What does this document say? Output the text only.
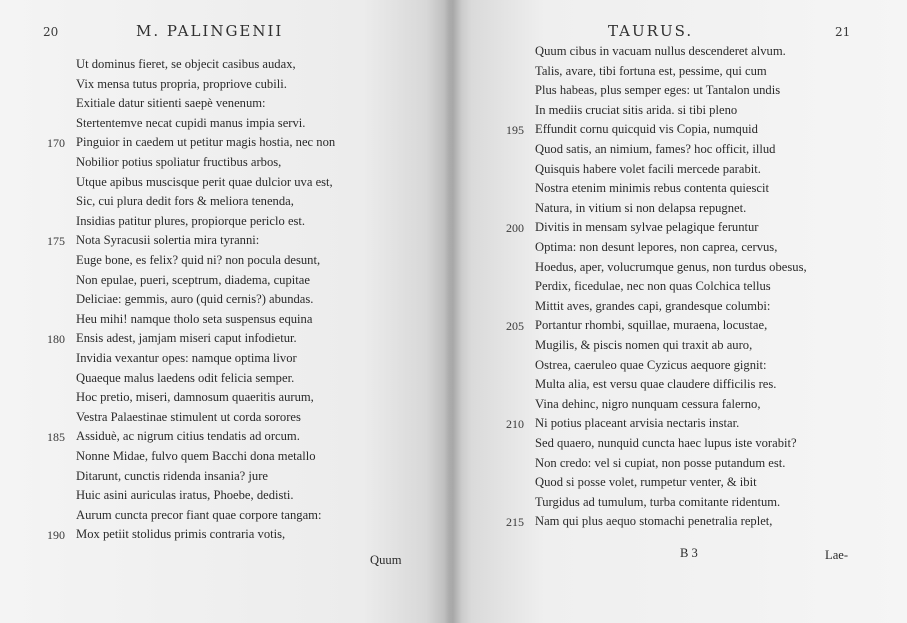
20	M. PALINGENII
Ut dominus fieret, se objecit casibus audax,
Vix mensa tutus propria, propriove cubili.
Exitiale datur sitienti saepè venenum:
Stertentemve necat cupidi manus impia servi.
Pinguior in caedem ut petitur magis hostia, nec non
170
Nobilior potius spoliatur fructibus arbos,
Utque apibus muscisque perit quae dulcior uva est,
Sic, cui plura dedit fors & meliora tenenda,
Insidias patitur plures, propiorque periclo est.
Nota Syracusii solertia mira tyranni:
175
Euge bone, es felix? quid ni? non pocula desunt,
Non epulae, pueri, sceptrum, diadema, cupitae
Deliciae: gemmis, auro (quid cernis?) abundas.
Heu mihi! namque tholo seta suspensus equina
Ensis adest, jamjam miseri caput infodietur.
180
Invidia vexantur opes: namque optima livor
Quaeque malus laedens odit felicia semper.
Hoc pretio, miseri, damnosum quaeritis aurum,
Vestra Palaestinae stimulent ut corda sorores
Assiduè, ac nigrum citius tendatis ad orcum.
185
Nonne Midae, fulvo quem Bacchi dona metallo
Ditarunt, cunctis ridenda insania? jure
Huic asini auriculas iratus, Phoebe, dedisti.
Aurum cuncta precor fiant quae corpore tangam:
Mox petiit stolidus primis contraria votis,
190
Quum
TAURUS.	21
Quum cibus in vacuam nullus descenderet alvum.
Talis, avare, tibi fortuna est, pessime, qui cum
Plus habeas, plus semper eges: ut Tantalon undis
In mediis cruciat sitis arida. si tibi pleno
Effundit cornu quicquid vis Copia, numquid
195
Quod satis, an nimium, fames? hoc officit, illud
Quisquis habere volet facili mercede parabit.
Nostra etenim minimis rebus contenta quiescit
Natura, in vitium si non delapsa repugnet.
Divitis in mensam sylvae pelagique feruntur
200
Optima: non desunt lepores, non caprea, cervus,
Hoedus, aper, volucrumque genus, non turdus obesus,
Perdix, ficedulae, nec non quas Colchica tellus
Mittit aves, grandes capi, grandesque columbi:
Portantur rhombi, squillae, muraena, locustae,
205
Mugilis, & piscis nomen qui traxit ab auro,
Ostrea, caeruleo quae Cyzicus aequore gignit:
Multa alia, est versu quae claudere difficilis res.
Vina dehinc, nigro nunquam cessura falerno,
Ni potius placeant arvisia nectaris instar.
210
Sed quaero, nunquid cuncta haec lupus iste vorabit?
Non credo: vel si cupiat, non posse putandum est.
Quod si posse volet, rumpetur venter, & ibit
Turgidus ad tumulum, turba comitante ridentum.
Nam qui plus aequo stomachi penetralia replet,
215
B 3	Lae-
